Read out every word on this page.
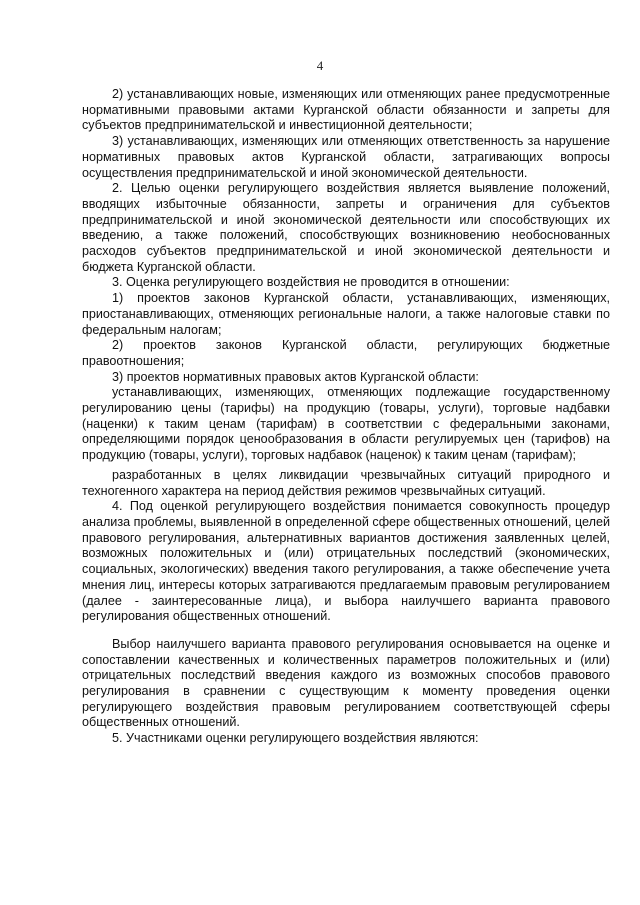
4

2) устанавливающих новые, изменяющих или отменяющих ранее предусмотренные нормативными правовыми актами Курганской области обязанности и запреты для субъектов предпринимательской и инвестиционной деятельности;

3) устанавливающих, изменяющих или отменяющих ответственность за нарушение нормативных правовых актов Курганской области, затрагивающих вопросы осуществления предпринимательской и иной экономической деятельности.

2. Целью оценки регулирующего воздействия является выявление положений, вводящих избыточные обязанности, запреты и ограничения для субъектов предпринимательской и иной экономической деятельности или способствующих их введению, а также положений, способствующих возникновению необоснованных расходов субъектов предпринимательской и иной экономической деятельности и бюджета Курганской области.

3. Оценка регулирующего воздействия не проводится в отношении:

1) проектов законов Курганской области, устанавливающих, изменяющих, приостанавливающих, отменяющих региональные налоги, а также налоговые ставки по федеральным налогам;

2) проектов законов Курганской области, регулирующих бюджетные правоотношения;

3) проектов нормативных правовых актов Курганской области:

устанавливающих, изменяющих, отменяющих подлежащие государственному регулированию цены (тарифы) на продукцию (товары, услуги), торговые надбавки (наценки) к таким ценам (тарифам) в соответствии с федеральными законами, определяющими порядок ценообразования в области регулируемых цен (тарифов) на продукцию (товары, услуги), торговых надбавок (наценок) к таким ценам (тарифам);

разработанных в целях ликвидации чрезвычайных ситуаций природного и техногенного характера на период действия режимов чрезвычайных ситуаций.

4. Под оценкой регулирующего воздействия понимается совокупность процедур анализа проблемы, выявленной в определенной сфере общественных отношений, целей правового регулирования, альтернативных вариантов достижения заявленных целей, возможных положительных и (или) отрицательных последствий (экономических, социальных, экологических) введения такого регулирования, а также обеспечение учета мнения лиц, интересы которых затрагиваются предлагаемым правовым регулированием (далее - заинтересованные лица), и выбора наилучшего варианта правового регулирования общественных отношений.

Выбор наилучшего варианта правового регулирования основывается на оценке и сопоставлении качественных и количественных параметров положительных и (или) отрицательных последствий введения каждого из возможных способов правового регулирования в сравнении с существующим к моменту проведения оценки регулирующего воздействия правовым регулированием соответствующей сферы общественных отношений.

5. Участниками оценки регулирующего воздействия являются:
